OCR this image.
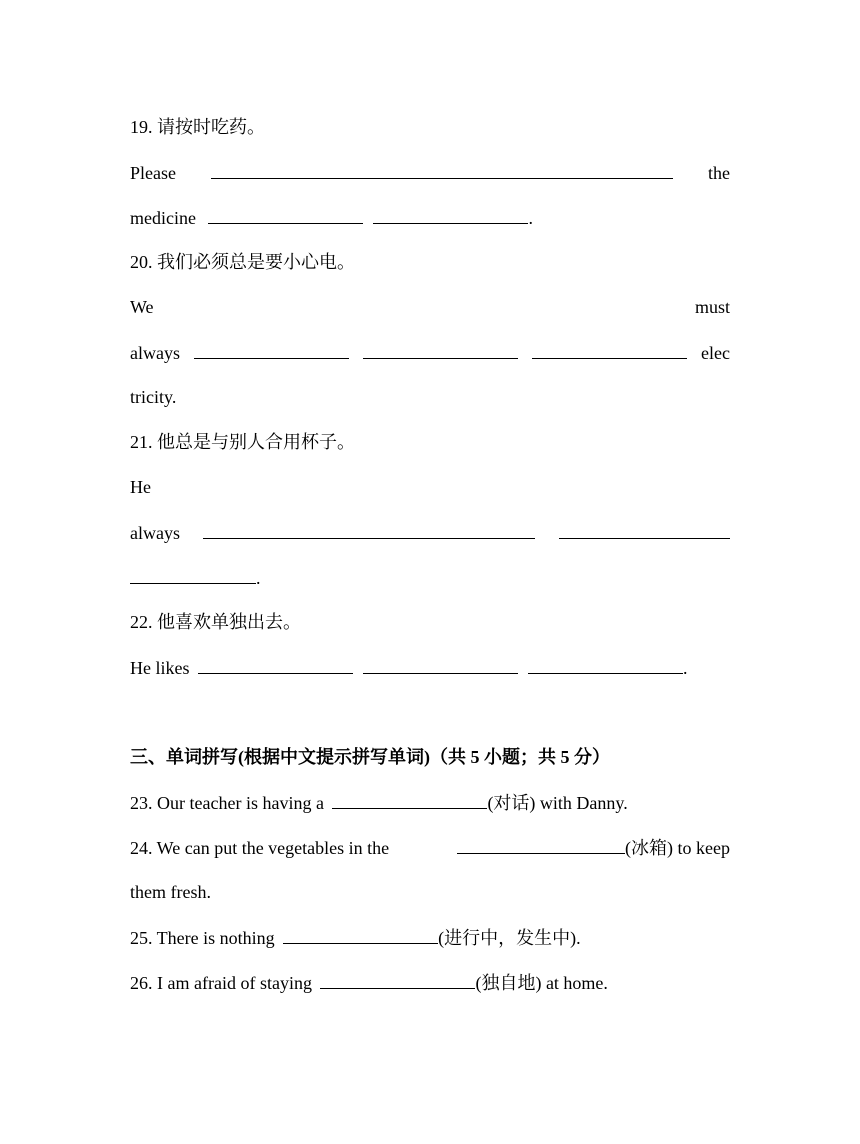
19. 请按时吃药。
Please	the
medicine	.
20. 我们必须总是要小心电。
We	must
always	elec
tricity.
21. 他总是与别人合用杯子。
He
always
.
22. 他喜欢单独出去。
He likes	.
三、单词拼写(根据中文提示拼写单词)（共 5 小题；共 5 分）
23. Our teacher is having a	(对话) with Danny.
24. We can put the vegetables in the	(冰箱) to keep
them fresh.
25. There is nothing	(进行中，发生中).
26. I am afraid of staying	(独自地) at home.
